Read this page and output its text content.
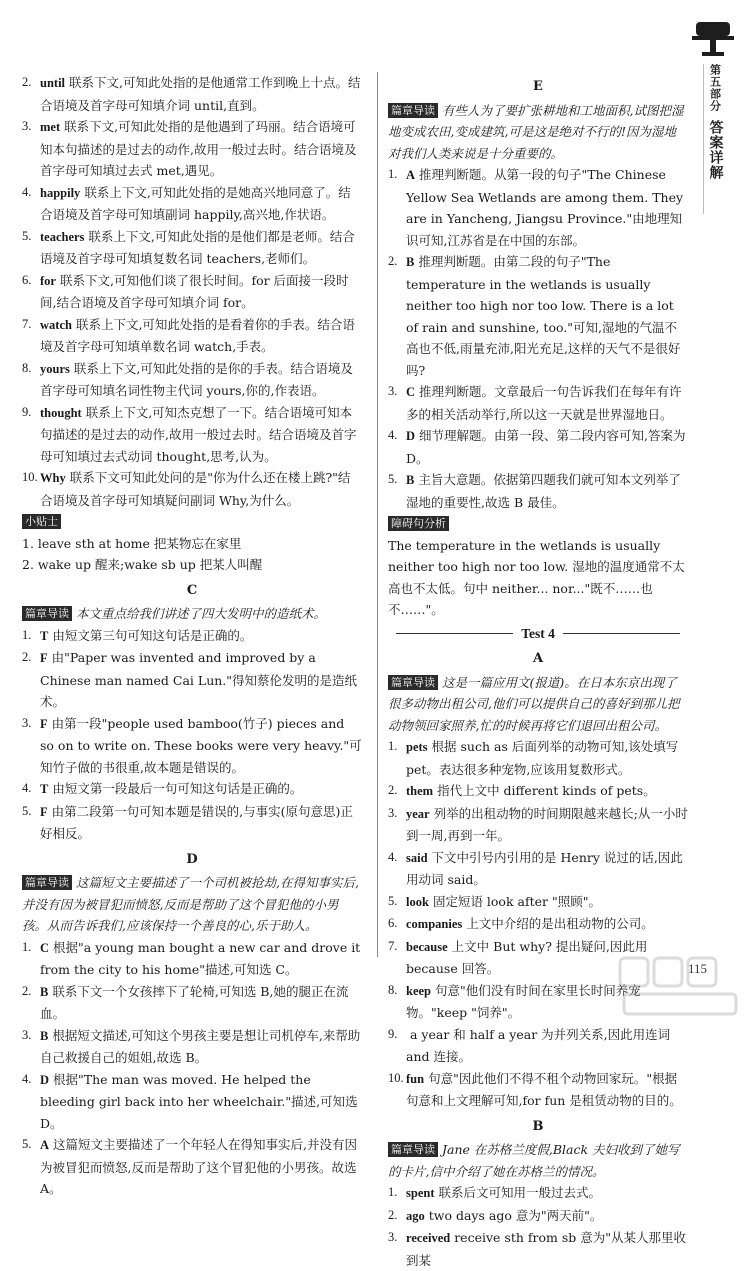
第五部分
答案详解
2. until 联系下文,可知此处指的是他通常工作到晚上十点。结合语境及首字母可知填介词 until,直到。
3. met 联系下文,可知此处指的是他遇到了玛丽。结合语境可知本句描述的是过去的动作,故用一般过去时。结合语境及首字母可知填过去式 met,遇见。
4. happily 联系上下文,可知此处指的是她高兴地同意了。结合语境及首字母可知填副词 happily,高兴地,作状语。
5. teachers 联系上下文,可知此处指的是他们都是老师。结合语境及首字母可知填复数名词 teachers,老师们。
6. for 联系下文,可知他们谈了很长时间。for 后面接一段时间,结合语境及首字母可知填介词 for。
7. watch 联系上下文,可知此处指的是看着你的手表。结合语境及首字母可知填单数名词 watch,手表。
8. yours 联系上下文,可知此处指的是你的手表。结合语境及首字母可知填名词性物主代词 yours,你的,作表语。
9. thought 联系上下文,可知杰克想了一下。结合语境可知本句描述的是过去的动作,故用一般过去时。结合语境及首字母可知填过去式动词 thought,思考,认为。
10. Why 联系下文可知此处问的是"你为什么还在楼上跳?"结合语境及首字母可知填疑问副词 Why,为什么。
小贴士
1. leave sth at home 把某物忘在家里
2. wake up 醒来;wake sb up 把某人叫醒
C
篇章导读 本文重点给我们讲述了四大发明中的造纸术。
1. T 由短文第三句可知这句话是正确的。
2. F 由"Paper was invented and improved by a Chinese man named Cai Lun."得知蔡伦发明的是造纸术。
3. F 由第一段"people used bamboo(竹子) pieces and so on to write on. These books were very heavy."可知竹子做的书很重,故本题是错误的。
4. T 由短文第一段最后一句可知这句话是正确的。
5. F 由第二段第一句可知本题是错误的,与事实(原句意思)正好相反。
D
篇章导读 这篇短文主要描述了一个司机被抢劫,在得知事实后,并没有因为被冒犯而愤怒,反而是帮助了这个冒犯他的小男孩。从而告诉我们,应该保持一个善良的心,乐于助人。
1. C 根据"a young man bought a new car and drove it from the city to his home"描述,可知选 C。
2. B 联系下文一个女孩摔下了轮椅,可知选 B,她的腿正在流血。
3. B 根据短文描述,可知这个男孩主要是想让司机停车,来帮助自己救援自己的姐姐,故选 B。
4. D 根据"The man was moved. He helped the bleeding girl back into her wheelchair."描述,可知选 D。
5. A 这篇短文主要描述了一个年轻人在得知事实后,并没有因为被冒犯而愤怒,反而是帮助了这个冒犯他的小男孩。故选 A。
E
篇章导读 有些人为了要扩张耕地和工地面积,试图把湿地变成农田,变成建筑,可是这是绝对不行的!因为湿地对我们人类来说是十分重要的。
1. A 推理判断题。从第一段的句子"The Chinese Yellow Sea Wetlands are among them. They are in Yancheng, Jiangsu Province."由地理知识可知,江苏省是在中国的东部。
2. B 推理判断题。由第二段的句子"The temperature in the wetlands is usually neither too high nor too low. There is a lot of rain and sunshine, too."可知,湿地的气温不高也不低,雨量充沛,阳光充足,这样的天气不是很好吗?
3. C 推理判断题。文章最后一句告诉我们在每年有许多的相关活动举行,所以这一天就是世界湿地日。
4. D 细节理解题。由第一段、第二段内容可知,答案为 D。
5. B 主旨大意题。依据第四题我们就可知本文列举了湿地的重要性,故选 B 最佳。
障碍句分析
The temperature in the wetlands is usually neither too high nor too low. 湿地的温度通常不太高也不太低。句中 neither... nor..."既不……也不……"。
Test 4
A
篇章导读 这是一篇应用文(报道)。在日本东京出现了很多动物出租公司,他们可以提供自己的喜好到那儿把动物领回家照养,忙的时候再将它们退回出租公司。
1. pets 根据 such as 后面列举的动物可知,该处填写 pet。表达很多种宠物,应该用复数形式。
2. them 指代上文中 different kinds of pets。
3. year 列举的出租动物的时间期限越来越长;从一小时到一周,再到一年。
4. said 下文中引号内引用的是 Henry 说过的话,因此用动词 said。
5. look 固定短语 look after "照顾"。
6. companies 上文中介绍的是出租动物的公司。
7. because 上文中 But why? 提出疑问,因此用 because 回答。
8. keep 句意"他们没有时间在家里长时间养宠物。"keep "饲养"。
9.	a year 和 half a year 为并列关系,因此用连词 and 连接。
10. fun 句意"因此他们不得不租个动物回家玩。"根据句意和上文理解可知,for fun 是租赁动物的目的。
B
篇章导读 Jane 在苏格兰度假,Black 夫妇收到了她写的卡片,信中介绍了她在苏格兰的情况。
1. spent 联系后文可知用一般过去式。
2. ago two days ago 意为"两天前"。
3. received receive sth from sb 意为"从某人那里收到某
115
